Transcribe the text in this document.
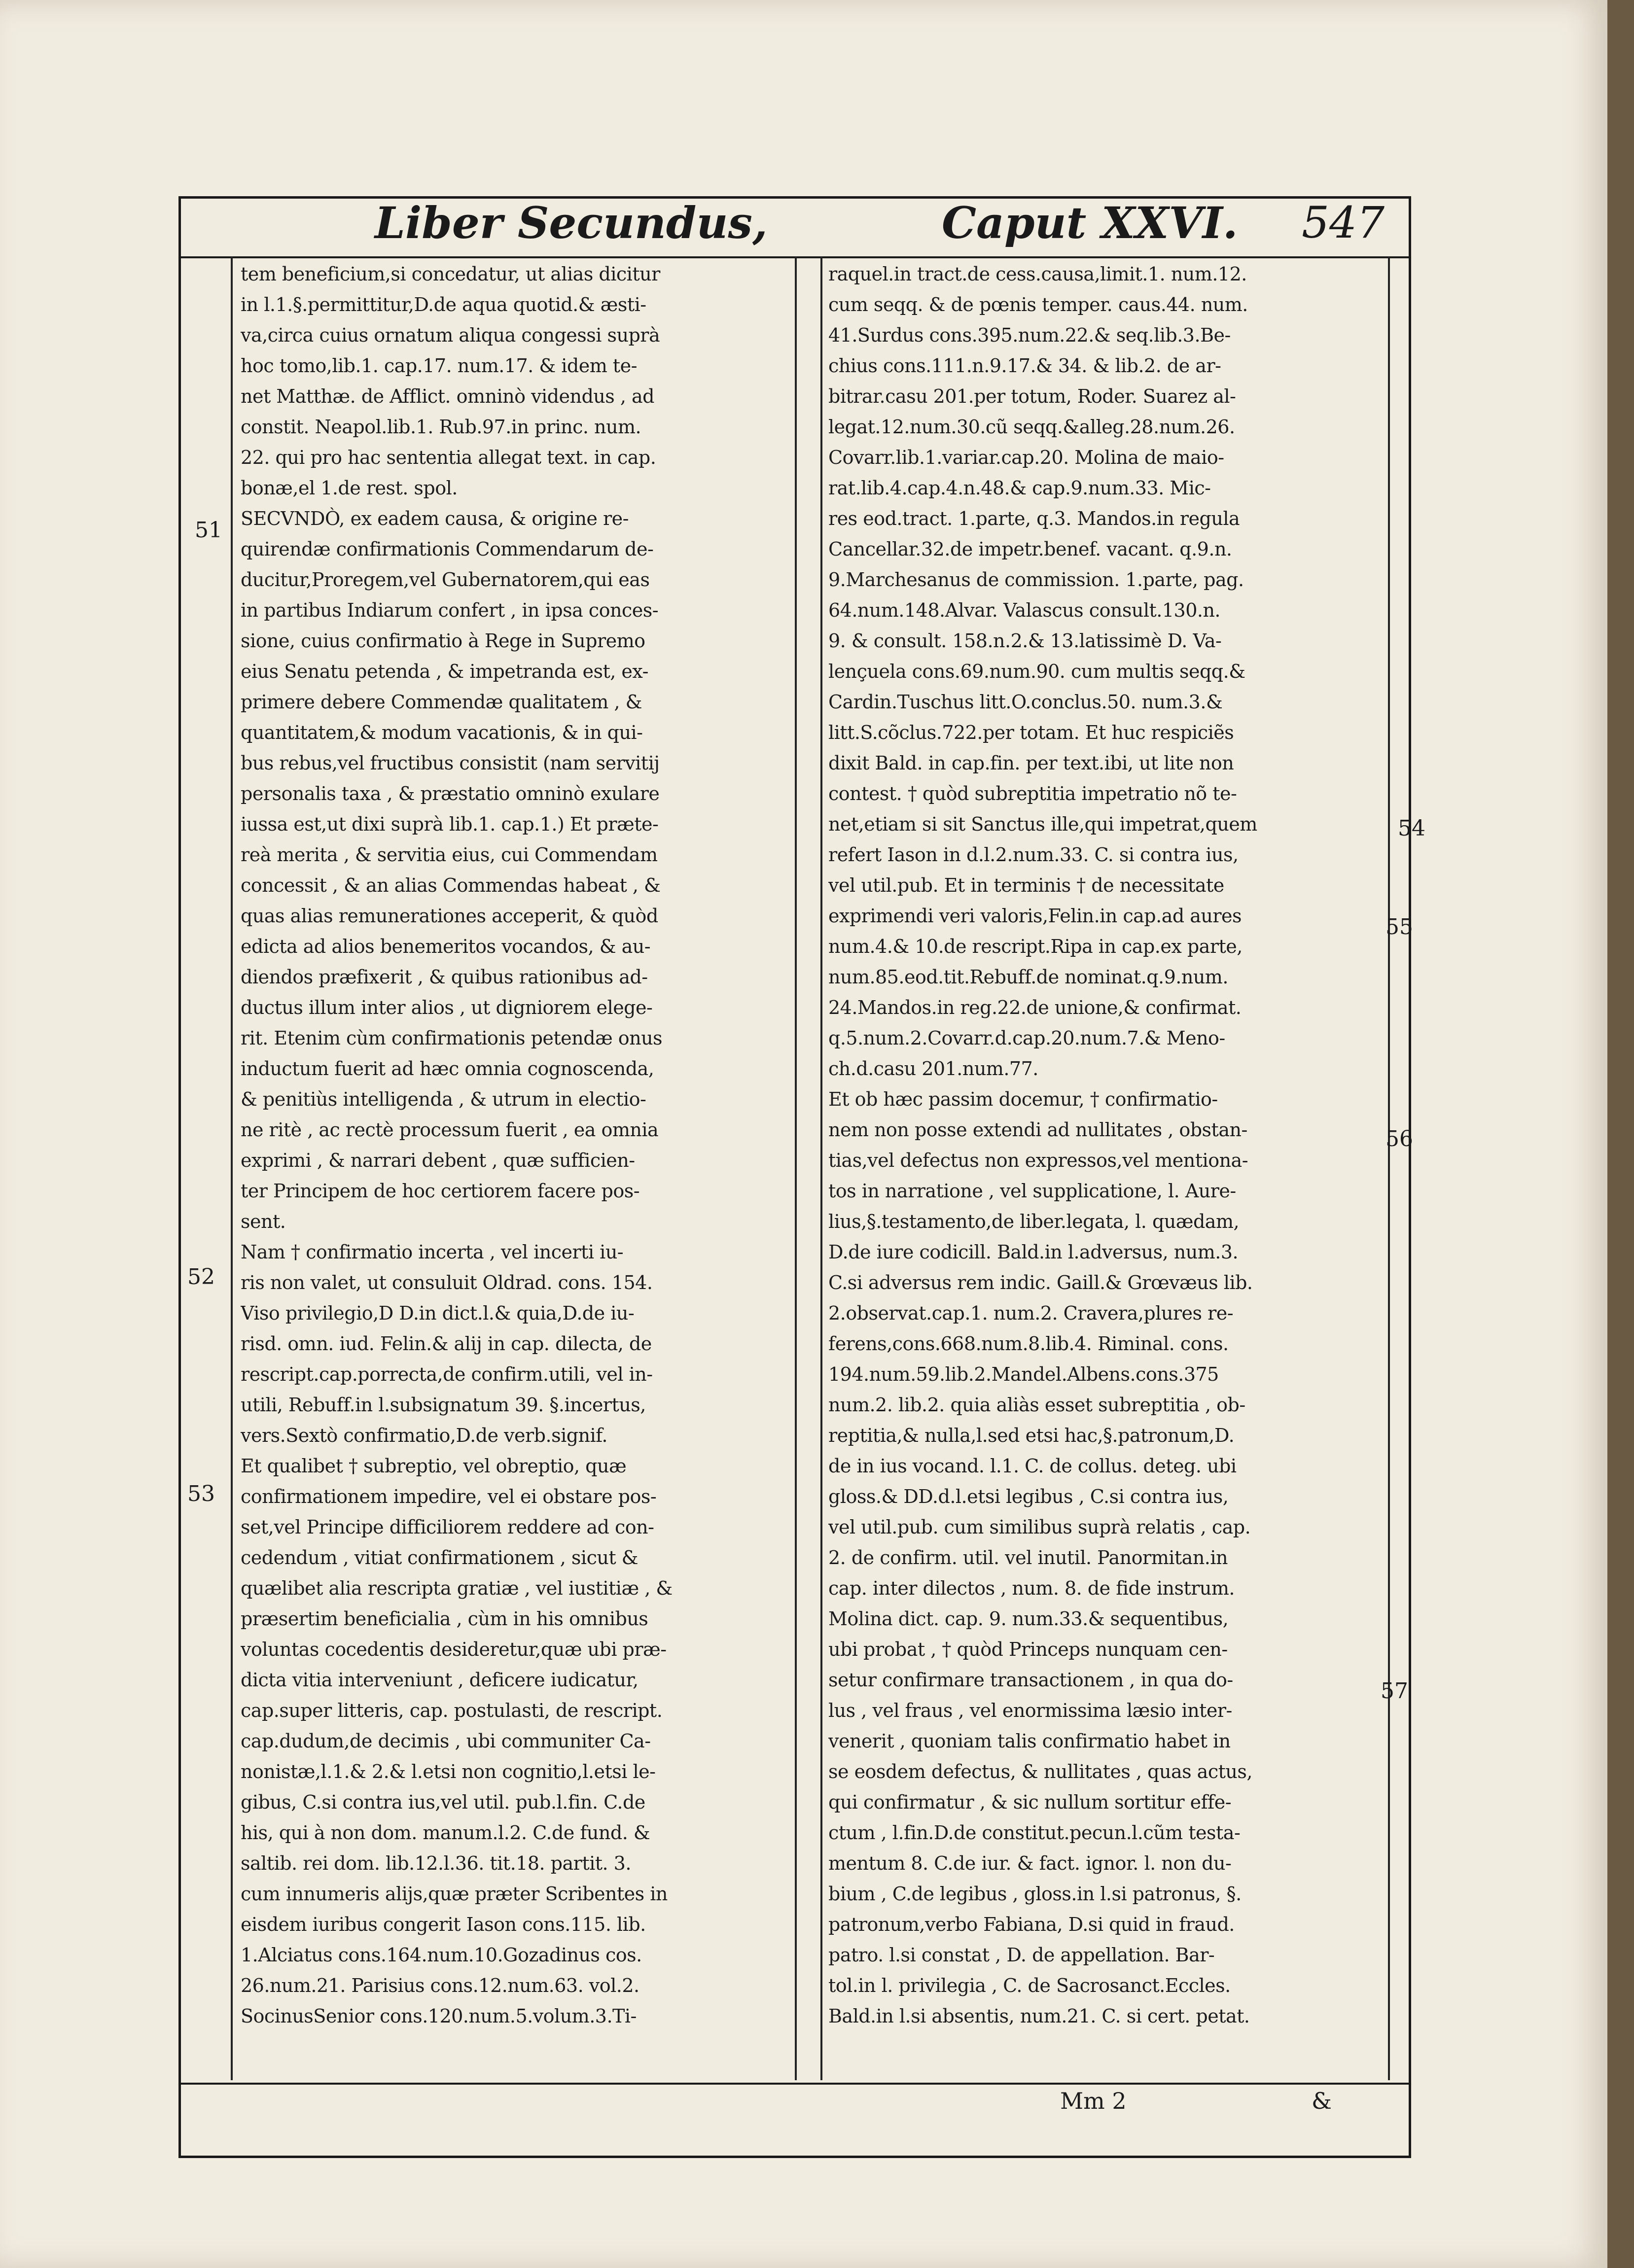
Liber Secundus,	Caput XXVI. 547
tem beneficium,si concedatur, ut alias dicitur
in l.1.§.permittitur,D.de aqua quotid.& æsti-
va,circa cuius ornatum aliqua congessi suprà
hoc tomo,lib.1. cap.17. num.17. & idem te-
net Matthæ. de Afflict. omninò videndus , ad
constit. Neapol.lib.1. Rub.97.in princ. num.
22. qui pro hac sententia allegat text. in cap.
bonæ,el 1.de rest. spol.
SECVNDÒ, ex eadem causa, & origine re-
quirendæ confirmationis Commendarum de-
ducitur,Proregem,vel Gubernatorem,qui eas
in partibus Indiarum confert , in ipsa conces-
sione, cuius confirmatio à Rege in Supremo
eius Senatu petenda , & impetranda est, ex-
primere debere Commendæ qualitatem , &
quantitatem,& modum vacationis, & in qui-
bus rebus,vel fructibus consistit (nam servitij
personalis taxa , & præstatio omninò exulare
iussa est,ut dixi suprà lib.1. cap.1.) Et præte-
reà merita , & servitia eius, cui Commendam
concessit , & an alias Commendas habeat , &
quas alias remunerationes acceperit, & quòd
edicta ad alios benemeritos vocandos, & au-
diendos præfixerit , & quibus rationibus ad-
ductus illum inter alios , ut digniorem elege-
rit. Etenim cùm confirmationis petendæ onus
inductum fuerit ad hæc omnia cognoscenda,
& penitiùs intelligenda , & utrum in electio-
ne ritè , ac rectè processum fuerit , ea omnia
exprimi , & narrari debent , quæ sufficien-
ter Principem de hoc certiorem facere pos-
sent.
Nam † confirmatio incerta , vel incerti iu-
ris non valet, ut consuluit Oldrad. cons. 154.
Viso privilegio,D D.in dict.l.& quia,D.de iu-
risd. omn. iud. Felin.& alij in cap. dilecta, de
rescript.cap.porrecta,de confirm.utili, vel in-
utili, Rebuff.in l.subsignatum 39. §.incertus,
vers.Sextò confirmatio,D.de verb.signif.
Et qualibet † subreptio, vel obreptio, quæ
confirmationem impedire, vel ei obstare pos-
set,vel Principe difficiliorem reddere ad con-
cedendum , vitiat confirmationem , sicut &
quælibet alia rescripta gratiæ , vel iustitiæ , &
præsertim beneficialia , cùm in his omnibus
voluntas cocedentis desideretur,quæ ubi præ-
dicta vitia interveniunt , deficere iudicatur,
cap.super litteris, cap. postulasti, de rescript.
cap.dudum,de decimis , ubi communiter Ca-
nonistæ,l.1.& 2.& l.etsi non cognitio,l.etsi le-
gibus, C.si contra ius,vel util. pub.l.fin. C.de
his, qui à non dom. manum.l.2. C.de fund. &
saltib. rei dom. lib.12.l.36. tit.18. partit. 3.
cum innumeris alijs,quæ præter Scribentes in
eisdem iuribus congerit Iason cons.115. lib.
1.Alciatus cons.164.num.10.Gozadinus cos.
26.num.21. Parisius cons.12.num.63. vol.2.
SocinusSenior cons.120.num.5.volum.3.Ti-
raquel.in tract.de cess.causa,limit.1. num.12.
cum seqq. & de pœnis temper. caus.44. num.
41.Surdus cons.395.num.22.& seq.lib.3.Be-
chius cons.111.n.9.17.& 34. & lib.2. de ar-
bitrar.casu 201.per totum, Roder. Suarez al-
legat.12.num.30.cũ seqq.&alleg.28.num.26.
Covarr.lib.1.variar.cap.20. Molina de maio-
rat.lib.4.cap.4.n.48.& cap.9.num.33. Mic-
res eod.tract. 1.parte, q.3. Mandos.in regula
Cancellar.32.de impetr.benef. vacant. q.9.n.
9.Marchesanus de commission. 1.parte, pag.
64.num.148.Alvar. Valascus consult.130.n.
9. & consult. 158.n.2.& 13.latissimè D. Va-
lençuela cons.69.num.90. cum multis seqq.&
Cardin.Tuschus litt.O.conclus.50. num.3.&
litt.S.cõclus.722.per totam. Et huc respiciẽs
dixit Bald. in cap.fin. per text.ibi, ut lite non
contest. † quòd subreptitia impetratio nõ te-
net,etiam si sit Sanctus ille,qui impetrat,quem
refert Iason in d.l.2.num.33. C. si contra ius,
vel util.pub. Et in terminis † de necessitate
exprimendi veri valoris,Felin.in cap.ad aures
num.4.& 10.de rescript.Ripa in cap.ex parte,
num.85.eod.tit.Rebuff.de nominat.q.9.num.
24.Mandos.in reg.22.de unione,& confirmat.
q.5.num.2.Covarr.d.cap.20.num.7.& Meno-
ch.d.casu 201.num.77.
Et ob hæc passim docemur, † confirmatio-
nem non posse extendi ad nullitates , obstan-
tias,vel defectus non expressos,vel mentiona-
tos in narratione , vel supplicatione, l. Aure-
lius,§.testamento,de liber.legata, l. quædam,
D.de iure codicill. Bald.in l.adversus, num.3.
C.si adversus rem indic. Gaill.& Grœvæus lib.
2.observat.cap.1. num.2. Cravera,plures re-
ferens,cons.668.num.8.lib.4. Riminal. cons.
194.num.59.lib.2.Mandel.Albens.cons.375
num.2. lib.2. quia aliàs esset subreptitia , ob-
reptitia,& nulla,l.sed etsi hac,§.patronum,D.
de in ius vocand. l.1. C. de collus. deteg. ubi
gloss.& DD.d.l.etsi legibus , C.si contra ius,
vel util.pub. cum similibus suprà relatis , cap.
2. de confirm. util. vel inutil. Panormitan.in
cap. inter dilectos , num. 8. de fide instrum.
Molina dict. cap. 9. num.33.& sequentibus,
ubi probat , † quòd Princeps nunquam cen-
setur confirmare transactionem , in qua do-
lus , vel fraus , vel enormissima læsio inter-
venerit , quoniam talis confirmatio habet in
se eosdem defectus, & nullitates , quas actus,
qui confirmatur , & sic nullum sortitur effe-
ctum , l.fin.D.de constitut.pecun.l.cũm testa-
mentum 8. C.de iur. & fact. ignor. l. non du-
bium , C.de legibus , gloss.in l.si patronus, §.
patronum,verbo Fabiana, D.si quid in fraud.
patro. l.si constat , D. de appellation. Bar-
tol.in l. privilegia , C. de Sacrosanct.Eccles.
Bald.in l.si absentis, num.21. C. si cert. petat.
51
52
53
54
55
56
57
Mm 2	&
